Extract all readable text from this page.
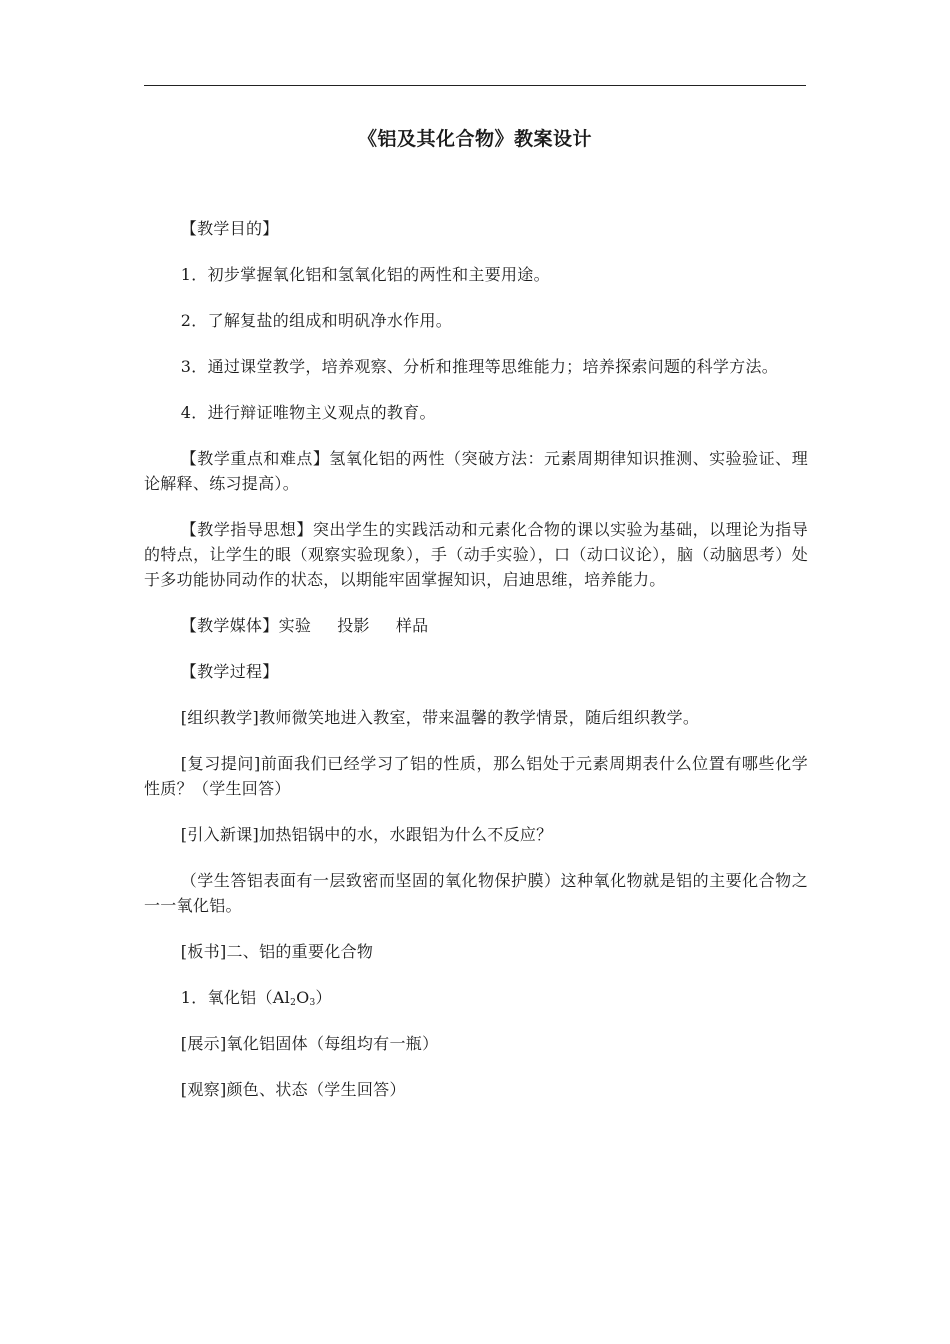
《铝及其化合物》教案设计

【教学目的】

1．初步掌握氧化铝和氢氧化铝的两性和主要用途。

2．了解复盐的组成和明矾净水作用。

3．通过课堂教学，培养观察、分析和推理等思维能力；培养探索问题的科学方法。

4．进行辩证唯物主义观点的教育。

【教学重点和难点】氢氧化铝的两性（突破方法：元素周期律知识推测、实验验证、理论解释、练习提高）。

【教学指导思想】突出学生的实践活动和元素化合物的课以实验为基础，以理论为指导的特点，让学生的眼（观察实验现象），手（动手实验），口（动口议论），脑（动脑思考）处于多功能协同动作的状态，以期能牢固掌握知识，启迪思维，培养能力。

【教学媒体】实验 投影 样品

【教学过程】

[组织教学]教师微笑地进入教室，带来温馨的教学情景，随后组织教学。

[复习提问]前面我们已经学习了铝的性质，那么铝处于元素周期表什么位置有哪些化学性质？（学生回答）

[引入新课]加热铝锅中的水，水跟铝为什么不反应？

（学生答铝表面有一层致密而坚固的氧化物保护膜）这种氧化物就是铝的主要化合物之一一氧化铝。

[板书]二、铝的重要化合物

1．氧化铝$(Al_2O_3)$

[展示]氧化铝固体（每组均有一瓶）

[观察]颜色、状态（学生回答）
